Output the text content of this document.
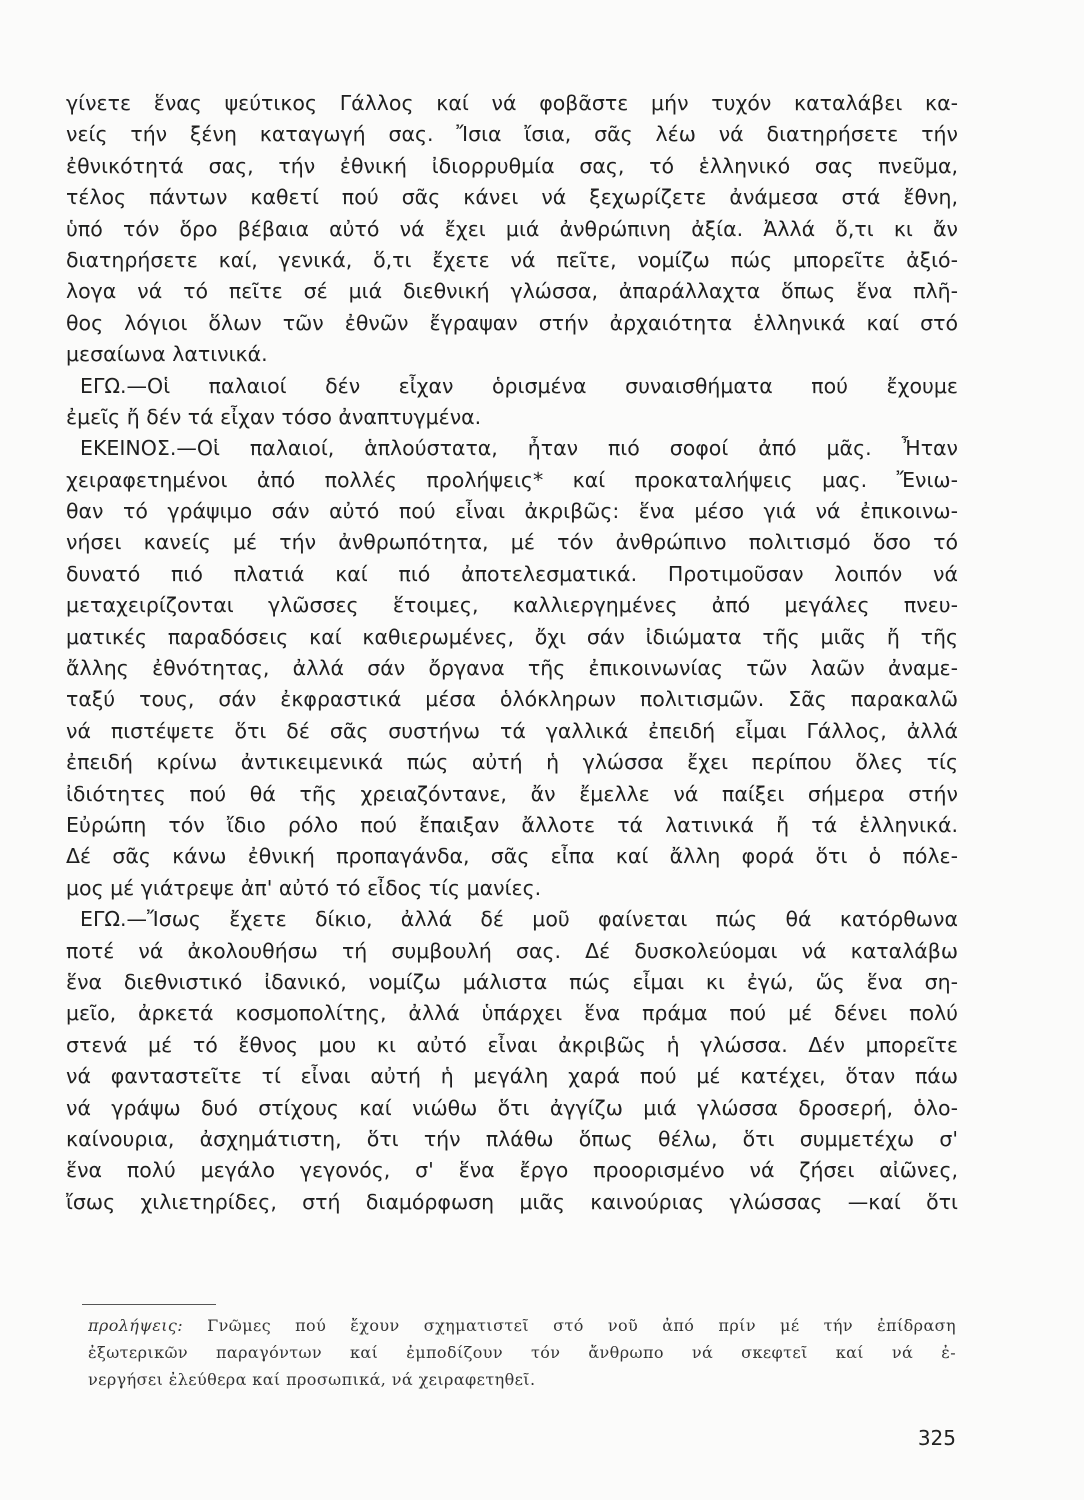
γίνετε ἕνας ψεύτικος Γάλλος καί νά φοβᾶστε μήν τυχόν καταλάβει κα-
νείς τήν ξένη καταγωγή σας. Ἴσια ἴσια, σᾶς λέω νά διατηρήσετε τήν
ἐθνικότητά σας, τήν ἐθνική ἰδιορρυθμία σας, τό ἑλληνικό σας πνεῦμα,
τέλος πάντων καθετί πού σᾶς κάνει νά ξεχωρίζετε ἀνάμεσα στά ἔθνη,
ὑπό τόν ὅρο βέβαια αὐτό νά ἔχει μιά ἀνθρώπινη ἀξία. Ἀλλά ὅ,τι κι ἄν
διατηρήσετε καί, γενικά, ὅ,τι ἔχετε νά πεῖτε, νομίζω πώς μπορεῖτε ἀξιό-
λογα νά τό πεῖτε σέ μιά διεθνική γλώσσα, ἀπαράλλαχτα ὅπως ἕνα πλῆ-
θος λόγιοι ὅλων τῶν ἐθνῶν ἔγραψαν στήν ἀρχαιότητα ἑλληνικά καί στό
μεσαίωνα λατινικά.
ΕΓΩ.—Οἱ παλαιοί δέν εἶχαν ὁρισμένα συναισθήματα πού ἔχουμε
ἐμεῖς ἤ δέν τά εἶχαν τόσο ἀναπτυγμένα.
ΕΚΕΙΝΟΣ.—Οἱ παλαιοί, ἁπλούστατα, ἦταν πιό σοφοί ἀπό μᾶς. Ἦταν
χειραφετημένοι ἀπό πολλές προλήψεις* καί προκαταλήψεις μας. Ἔνιω-
θαν τό γράψιμο σάν αὐτό πού εἶναι ἀκριβῶς: ἕνα μέσο γιά νά ἐπικοινω-
νήσει κανείς μέ τήν ἀνθρωπότητα, μέ τόν ἀνθρώπινο πολιτισμό ὅσο τό
δυνατό πιό πλατιά καί πιό ἀποτελεσματικά. Προτιμοῦσαν λοιπόν νά
μεταχειρίζονται γλῶσσες ἕτοιμες, καλλιεργημένες ἀπό μεγάλες πνευ-
ματικές παραδόσεις καί καθιερωμένες, ὄχι σάν ἰδιώματα τῆς μιᾶς ἤ τῆς
ἄλλης ἐθνότητας, ἀλλά σάν ὄργανα τῆς ἐπικοινωνίας τῶν λαῶν ἀναμε-
ταξύ τους, σάν ἐκφραστικά μέσα ὁλόκληρων πολιτισμῶν. Σᾶς παρακαλῶ
νά πιστέψετε ὅτι δέ σᾶς συστήνω τά γαλλικά ἐπειδή εἶμαι Γάλλος, ἀλλά
ἐπειδή κρίνω ἀντικειμενικά πώς αὐτή ἡ γλώσσα ἔχει περίπου ὅλες τίς
ἰδιότητες πού θά τῆς χρειαζόντανε, ἄν ἔμελλε νά παίξει σήμερα στήν
Εὐρώπη τόν ἴδιο ρόλο πού ἔπαιξαν ἄλλοτε τά λατινικά ἤ τά ἑλληνικά.
Δέ σᾶς κάνω ἐθνική προπαγάνδα, σᾶς εἶπα καί ἄλλη φορά ὅτι ὁ πόλε-
μος μέ γιάτρεψε ἀπ' αὐτό τό εἶδος τίς μανίες.
ΕΓΩ.—Ἴσως ἔχετε δίκιο, ἀλλά δέ μοῦ φαίνεται πώς θά κατόρθωνα
ποτέ νά ἀκολουθήσω τή συμβουλή σας. Δέ δυσκολεύομαι νά καταλάβω
ἕνα διεθνιστικό ἰδανικό, νομίζω μάλιστα πώς εἶμαι κι ἐγώ, ὥς ἕνα ση-
μεῖο, ἀρκετά κοσμοπολίτης, ἀλλά ὑπάρχει ἕνα πράμα πού μέ δένει πολύ
στενά μέ τό ἔθνος μου κι αὐτό εἶναι ἀκριβῶς ἡ γλώσσα. Δέν μπορεῖτε
νά φανταστεῖτε τί εἶναι αὐτή ἡ μεγάλη χαρά πού μέ κατέχει, ὅταν πάω
νά γράψω δυό στίχους καί νιώθω ὅτι ἀγγίζω μιά γλώσσα δροσερή, ὁλο-
καίνουρια, ἀσχημάτιστη, ὅτι τήν πλάθω ὅπως θέλω, ὅτι συμμετέχω σ'
ἕνα πολύ μεγάλο γεγονός, σ' ἕνα ἔργο προορισμένο νά ζήσει αἰῶνες,
ἴσως χιλιετηρίδες, στή διαμόρφωση μιᾶς καινούριας γλώσσας —καί ὅτι
προλήψεις: Γνῶμες πού ἔχουν σχηματιστεῖ στό νοῦ ἀπό πρίν μέ τήν ἐπίδραση
ἐξωτερικῶν παραγόντων καί ἐμποδίζουν τόν ἄνθρωπο νά σκεφτεῖ καί νά ἐ-
νεργήσει ἐλεύθερα καί προσωπικά, νά χειραφετηθεῖ.
325
